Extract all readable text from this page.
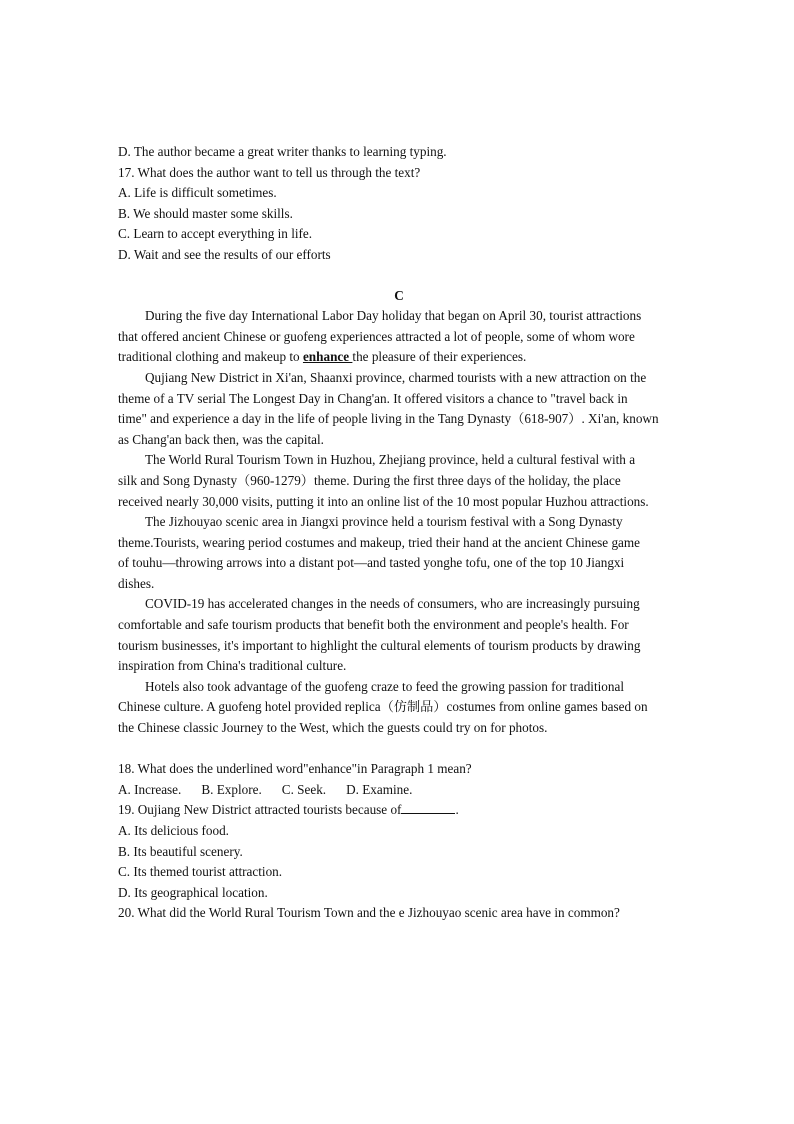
D. The author became a great writer thanks to learning typing.
17. What does the author want to tell us through the text?
A. Life is difficult sometimes.
B. We should master some skills.
C. Learn to accept everything in life.
D. Wait and see the results of our efforts
C
During the five day International Labor Day holiday that began on April 30, tourist attractions
that offered ancient Chinese or guofeng experiences attracted a lot of people, some of whom wore
traditional clothing and makeup to enhance the pleasure of their experiences.
Qujiang New District in Xi'an, Shaanxi province, charmed tourists with a new attraction on the
theme of a TV serial The Longest Day in Chang'an. It offered visitors a chance to "travel back in
time" and experience a day in the life of people living in the Tang Dynasty（618-907）. Xi'an, known
as Chang'an back then, was the capital.
The World Rural Tourism Town in Huzhou, Zhejiang province, held a cultural festival with a
silk and Song Dynasty（960-1279）theme. During the first three days of the holiday, the place
received nearly 30,000 visits, putting it into an online list of the 10 most popular Huzhou attractions.
The Jizhouyao scenic area in Jiangxi province held a tourism festival with a Song Dynasty
theme.Tourists, wearing period costumes and makeup, tried their hand at the ancient Chinese game
of touhu—throwing arrows into a distant pot—and tasted yonghe tofu, one of the top 10 Jiangxi
dishes.
COVID-19 has accelerated changes in the needs of consumers, who are increasingly pursuing
comfortable and safe tourism products that benefit both the environment and people's health. For
tourism businesses, it's important to highlight the cultural elements of tourism products by drawing
inspiration from China's traditional culture.
Hotels also took advantage of the guofeng craze to feed the growing passion for traditional
Chinese culture. A guofeng hotel provided replica（仿制品）costumes from online games based on
the Chinese classic Journey to the West, which the guests could try on for photos.
18. What does the underlined word"enhance"in Paragraph 1 mean?
A. Increase. B. Explore. C. Seek. D. Examine.
19. Oujiang New District attracted tourists because of	.
A. Its delicious food.
B. Its beautiful scenery.
C. Its themed tourist attraction.
D. Its geographical location.
20. What did the World Rural Tourism Town and the e Jizhouyao scenic area have in common?
